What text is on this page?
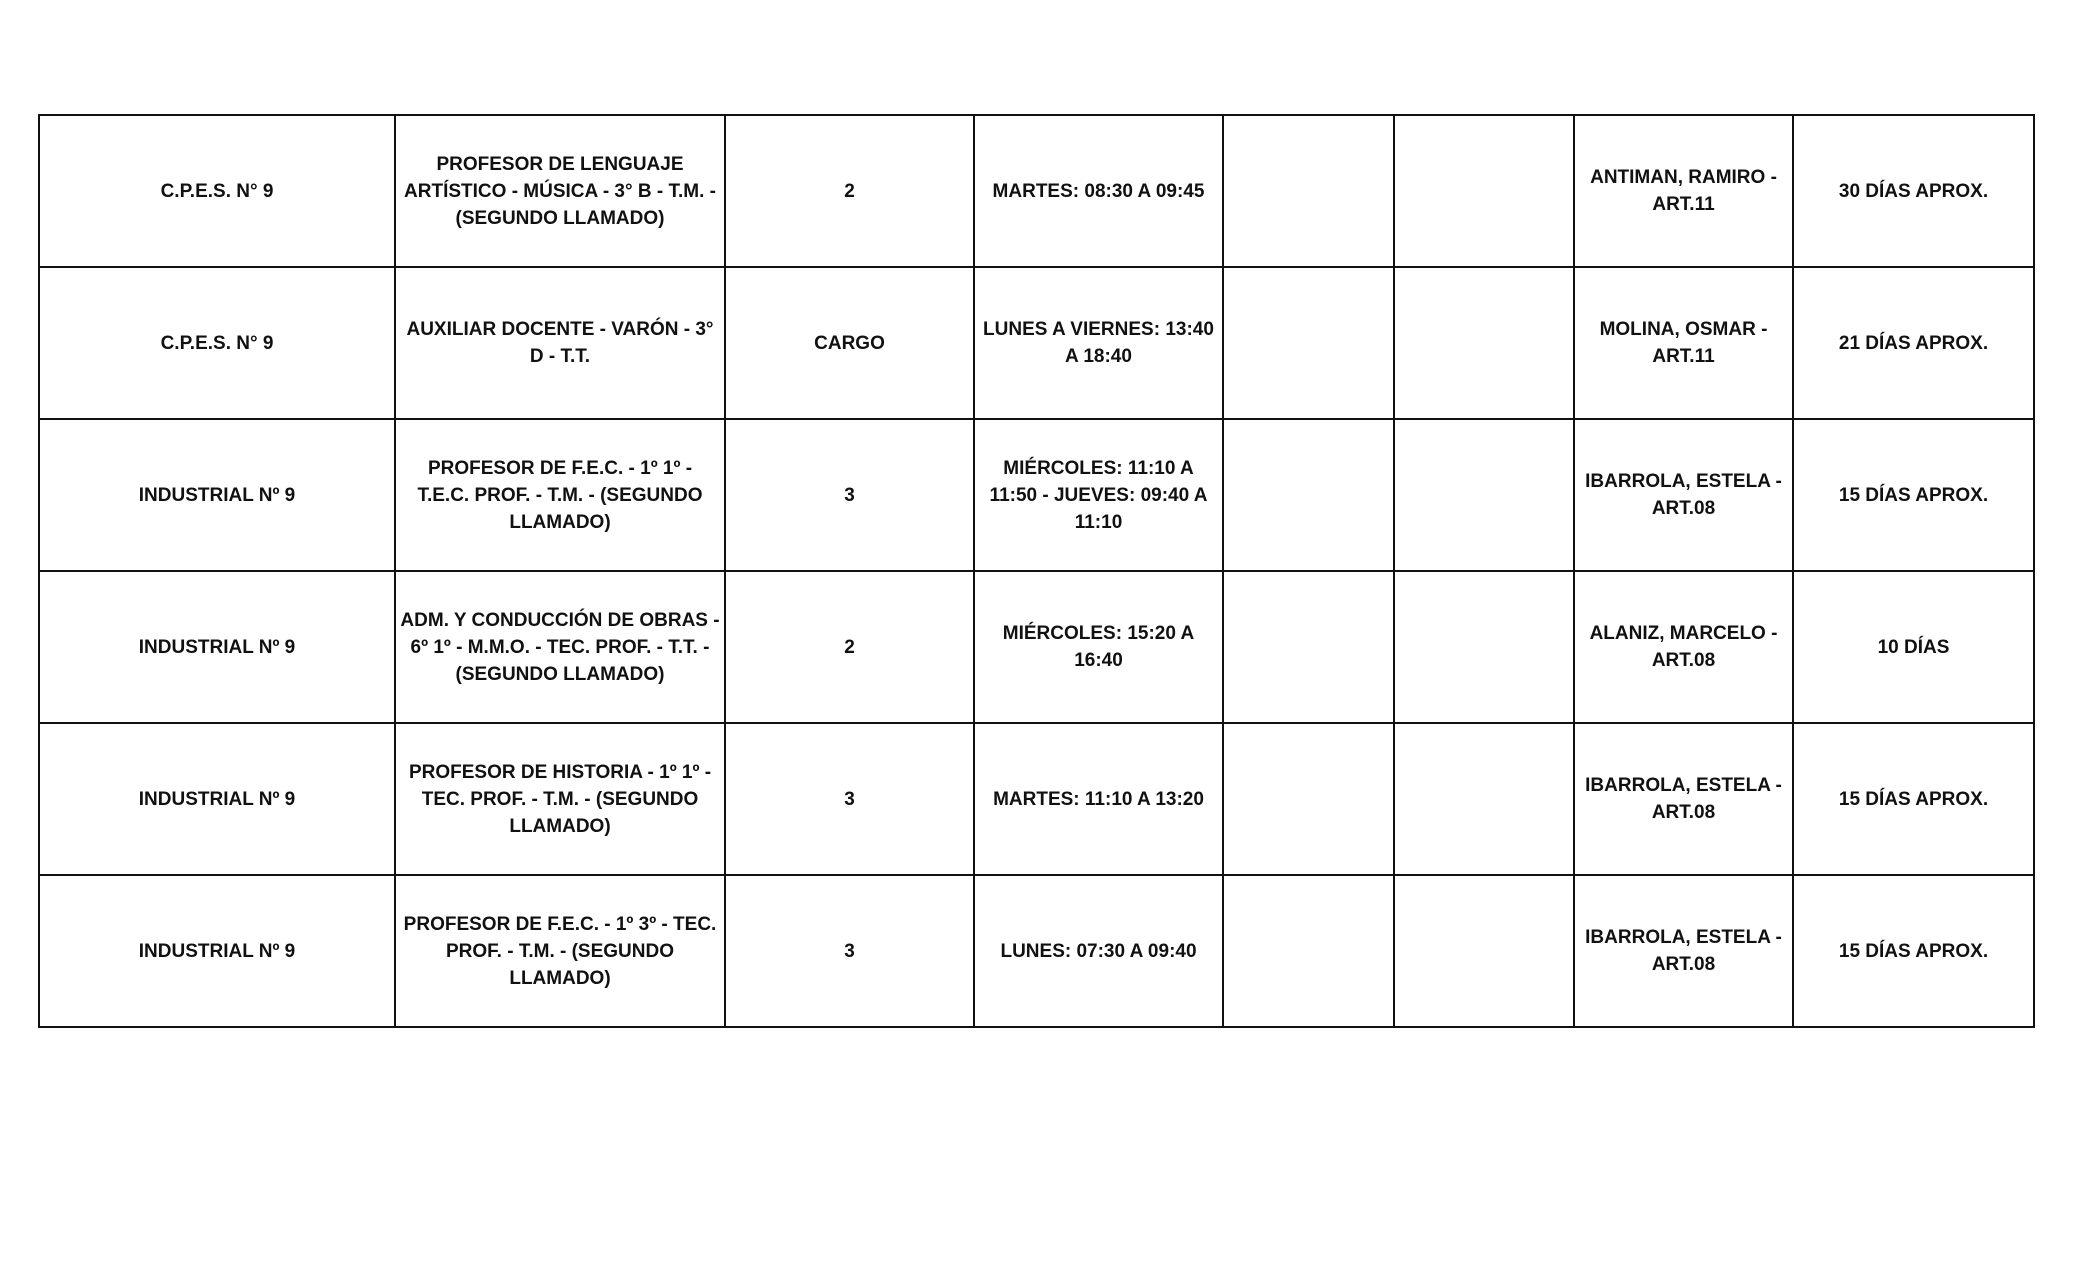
C.P.E.S. N° 9	PROFESOR DE LENGUAJE ARTÍSTICO - MÚSICA - 3° B - T.M. - (SEGUNDO LLAMADO)	2	MARTES: 08:30 A 09:45			ANTIMAN, RAMIRO - ART.11	30 DÍAS APROX.
C.P.E.S. N° 9	AUXILIAR DOCENTE - VARÓN - 3° D - T.T.	CARGO	LUNES A VIERNES: 13:40 A 18:40			MOLINA, OSMAR - ART.11	21 DÍAS APROX.
INDUSTRIAL Nº 9	PROFESOR DE F.E.C. - 1º 1º - T.E.C. PROF. - T.M. - (SEGUNDO LLAMADO)	3	MIÉRCOLES: 11:10 A 11:50 - JUEVES: 09:40 A 11:10			IBARROLA, ESTELA - ART.08	15 DÍAS APROX.
INDUSTRIAL Nº 9	ADM. Y CONDUCCIÓN DE OBRAS - 6º 1º - M.M.O. - TEC. PROF. - T.T. - (SEGUNDO LLAMADO)	2	MIÉRCOLES: 15:20 A 16:40			ALANIZ, MARCELO - ART.08	10 DÍAS
INDUSTRIAL Nº 9	PROFESOR DE HISTORIA - 1º 1º - TEC. PROF. - T.M. - (SEGUNDO LLAMADO)	3	MARTES: 11:10 A 13:20			IBARROLA, ESTELA - ART.08	15 DÍAS APROX.
INDUSTRIAL Nº 9	PROFESOR DE F.E.C. - 1º 3º - TEC. PROF. - T.M. - (SEGUNDO LLAMADO)	3	LUNES: 07:30 A 09:40			IBARROLA, ESTELA - ART.08	15 DÍAS APROX.
